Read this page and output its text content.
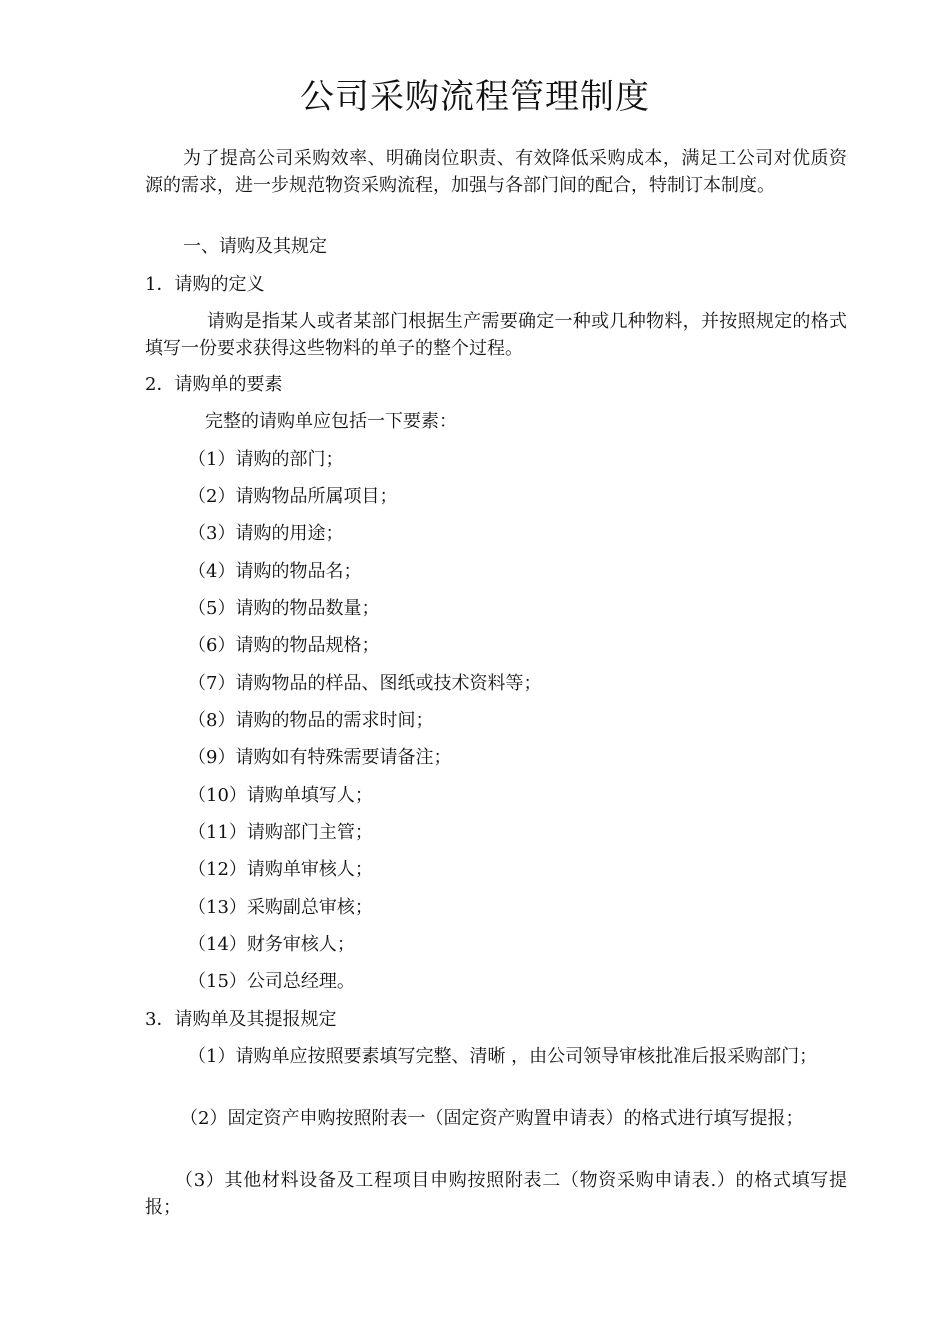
公司采购流程管理制度
为了提高公司采购效率、明确岗位职责、有效降低采购成本，满足工公司对优质资源的需求，进一步规范物资采购流程，加强与各部门间的配合，特制订本制度。
一、请购及其规定
1．请购的定义
请购是指某人或者某部门根据生产需要确定一种或几种物料，并按照规定的格式填写一份要求获得这些物料的单子的整个过程。
2．请购单的要素
完整的请购单应包括一下要素：
（1）请购的部门；
（2）请购物品所属项目；
（3）请购的用途；
（4）请购的物品名；
（5）请购的物品数量；
（6）请购的物品规格；
（7）请购物品的样品、图纸或技术资料等；
（8）请购的物品的需求时间；
（9）请购如有特殊需要请备注；
（10）请购单填写人；
（11）请购部门主管；
（12）请购单审核人；
（13）采购副总审核；
（14）财务审核人；
（15）公司总经理。
3．请购单及其提报规定
（1）请购单应按照要素填写完整、清晰 ，由公司领导审核批准后报采购部门；
（2）固定资产申购按照附表一（固定资产购置申请表）的格式进行填写提报；
（3）其他材料设备及工程项目申购按照附表二（物资采购申请表.）的格式填写提报；
